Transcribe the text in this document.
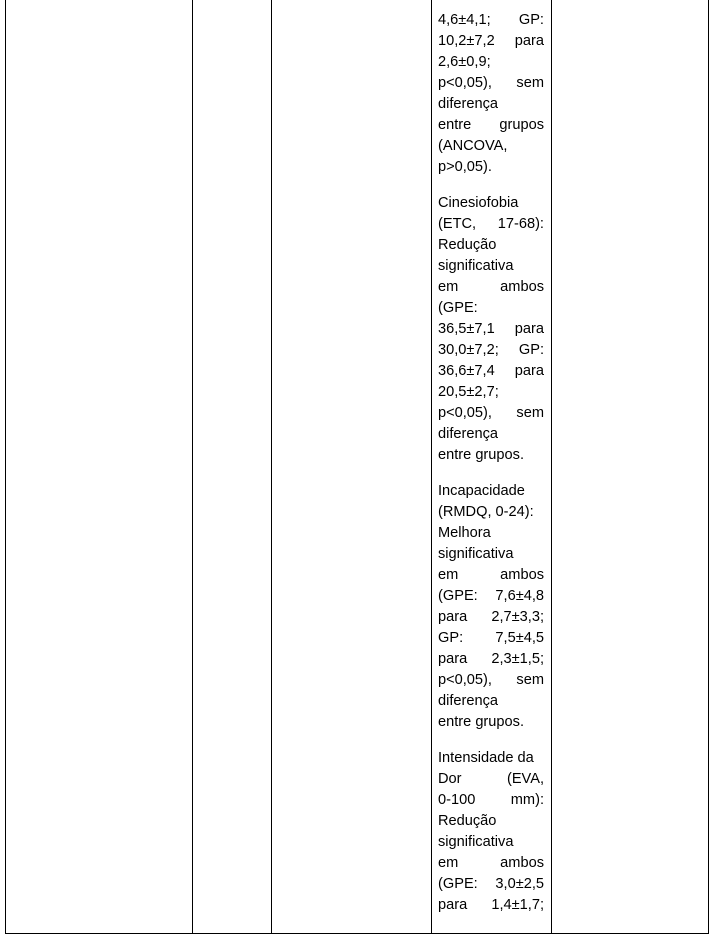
4,6±4,1; GP:
10,2±7,2 para
2,6±0,9;
p<0,05), sem
diferença
entre grupos
(ANCOVA,
p>0,05).
Cinesiofobia
(ETC, 17-68):
Redução
significativa
em ambos
(GPE:
36,5±7,1 para
30,0±7,2; GP:
36,6±7,4 para
20,5±2,7;
p<0,05), sem
diferença
entre grupos.
Incapacidade
(RMDQ, 0-24):
Melhora
significativa
em ambos
(GPE: 7,6±4,8
para 2,7±3,3;
GP: 7,5±4,5
para 2,3±1,5;
p<0,05), sem
diferença
entre grupos.
Intensidade da
Dor (EVA,
0-100 mm):
Redução
significativa
em ambos
(GPE: 3,0±2,5
para 1,4±1,7;
